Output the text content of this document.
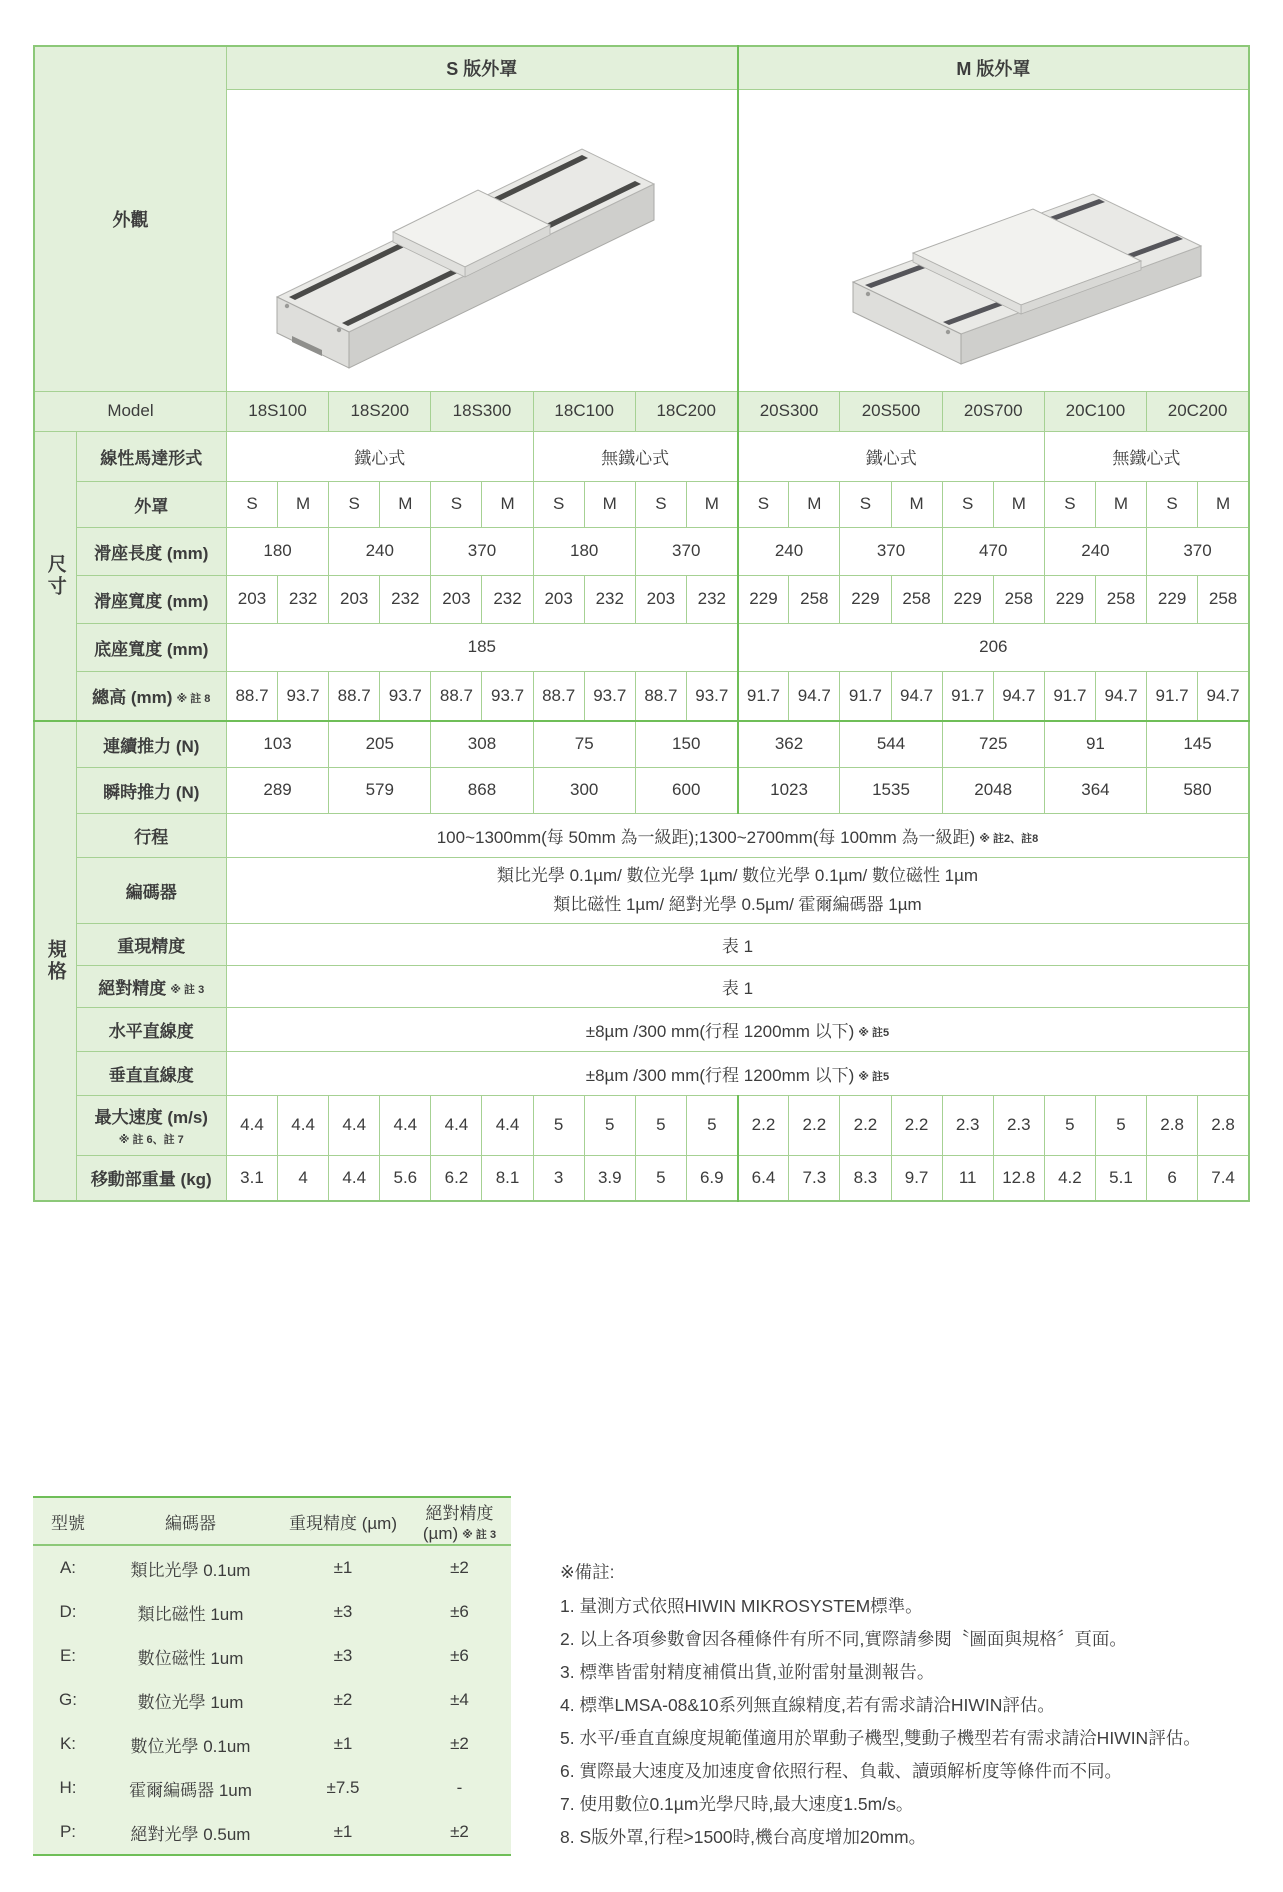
外觀		S 版外罩										M 版外罩									

Model		18S100		18S200		18S300		18C100		18C200		20S300		20S500		20S700		20C100		20C200	

尺寸	線性馬達形式	鐵心式						無鐵心式				鐵心式						無鐵心式			
	外罩	S	M	S	M	S	M	S	M	S	M	S	M	S	M	S	M	S	M	S	M
	滑座長度 (mm)	180		240		370		180		370		240		370		470		240		370	
	滑座寬度 (mm)	203	232	203	232	203	232	203	232	203	232	229	258	229	258	229	258	229	258	229	258
	底座寬度 (mm)	185										206									
	總高 (mm) ※ 註 8	88.7	93.7	88.7	93.7	88.7	93.7	88.7	93.7	88.7	93.7	91.7	94.7	91.7	94.7	91.7	94.7	91.7	94.7	91.7	94.7

規格	連續推力 (N)	103		205		308		75		150		362		544		725		91		145	
	瞬時推力 (N)	289		579		868		300		600		1023		1535		2048		364		580	
	行程	100~1300mm(每 50mm 為一級距);1300~2700mm(每 100mm 為一級距) ※ 註2、註8																			
	編碼器	類比光學 0.1µm/ 數位光學 1µm/ 數位光學 0.1µm/ 數位磁性 1µm
類比磁性 1µm/ 絕對光學 0.5µm/ 霍爾編碼器 1µm																			

	重現精度	表 1																			
	絕對精度 ※ 註 3	表 1																			
	水平直線度	±8µm /300 mm(行程 1200mm 以下) ※ 註5																			
	垂直直線度	±8µm /300 mm(行程 1200mm 以下) ※ 註5																			
	最大速度 (m/s)
※ 註 6、註 7	4.4	4.4	4.4	4.4	4.4	4.4	5	5	5	5	2.2	2.2	2.2	2.2	2.3	2.3	5	5	2.8	2.8
	移動部重量 (kg)	3.1	4	4.4	5.6	6.2	8.1	3	3.9	5	6.9	6.4	7.3	8.3	9.7	11	12.8	4.2	5.1	6	7.4
型號	編碼器	重現精度 (µm)	絕對精度 (µm) ※ 註 3
A:	類比光學 0.1um	±1	±2
D:	類比磁性 1um	±3	±6
E:	數位磁性 1um	±3	±6
G:	數位光學 1um	±2	±4
K:	數位光學 0.1um	±1	±2
H:	霍爾編碼器 1um	±7.5	-
P:	絕對光學 0.5um	±1	±2
※備註:
1. 量測方式依照HIWIN MIKROSYSTEM標準。
2. 以上各項參數會因各種條件有所不同,實際請參閱〝圖面與規格〞頁面。
3. 標準皆雷射精度補償出貨,並附雷射量測報告。
4. 標準LMSA-08&10系列無直線精度,若有需求請洽HIWIN評估。
5. 水平/垂直直線度規範僅適用於單動子機型,雙動子機型若有需求請洽HIWIN評估。
6. 實際最大速度及加速度會依照行程、負載、讀頭解析度等條件而不同。
7. 使用數位0.1µm光學尺時,最大速度1.5m/s。
8. S版外罩,行程>1500時,機台高度增加20mm。
